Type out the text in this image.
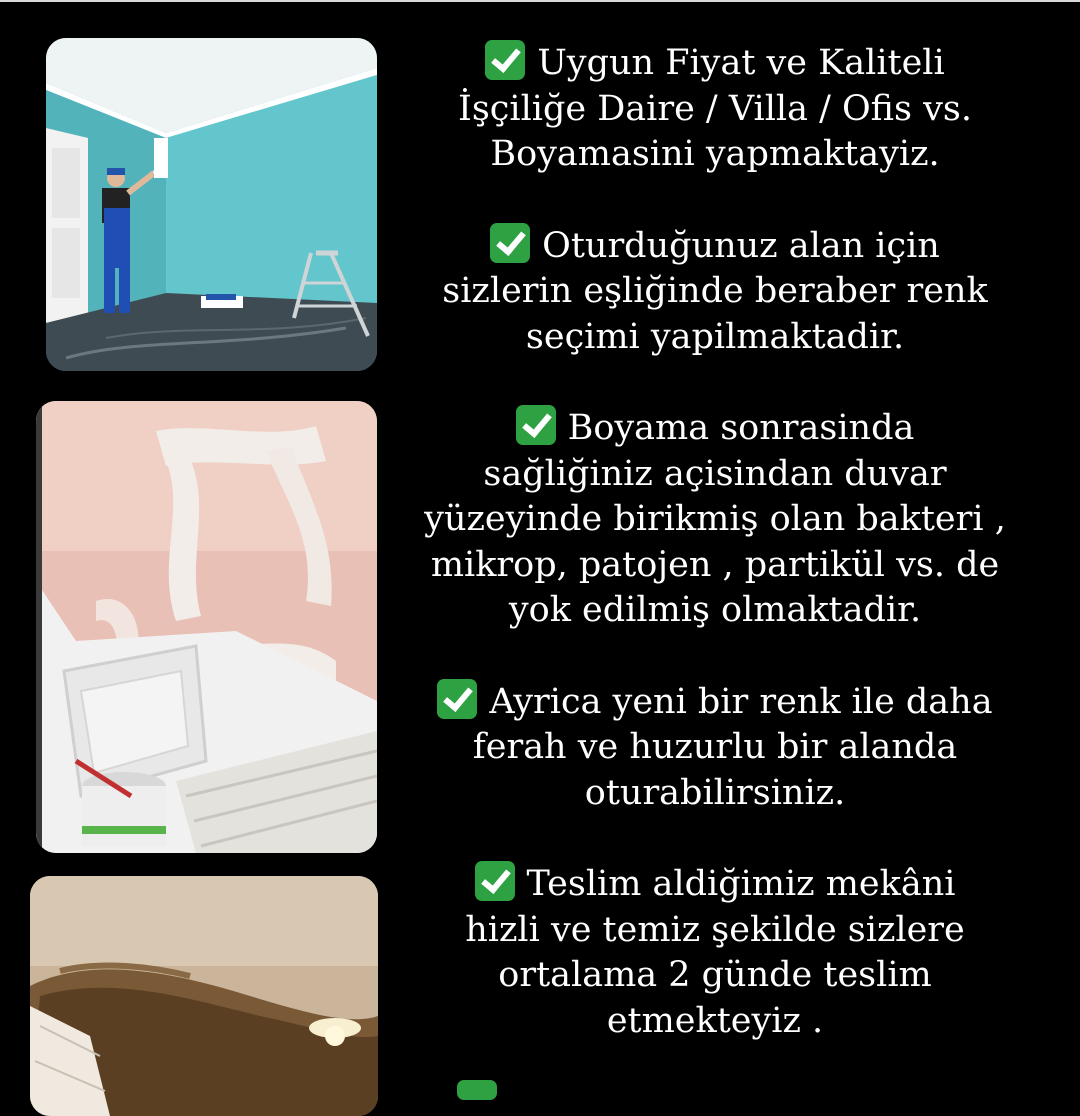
Uygun Fiyat ve Kaliteli
İşçiliğe Daire / Villa / Ofis vs.
Boyamasini yapmaktayiz.
Oturduğunuz alan için
sizlerin eşliğinde beraber renk
seçimi yapilmaktadir.
Boyama sonrasinda
sağliğiniz açisindan duvar
yüzeyinde birikmiş olan bakteri ,
mikrop, patojen , partikül vs. de
yok edilmiş olmaktadir.
Ayrica yeni bir renk ile daha
ferah ve huzurlu bir alanda
oturabilirsiniz.
Teslim aldiğimiz mekâni
hizli ve temiz şekilde sizlere
ortalama 2 günde teslim
etmekteyiz .
